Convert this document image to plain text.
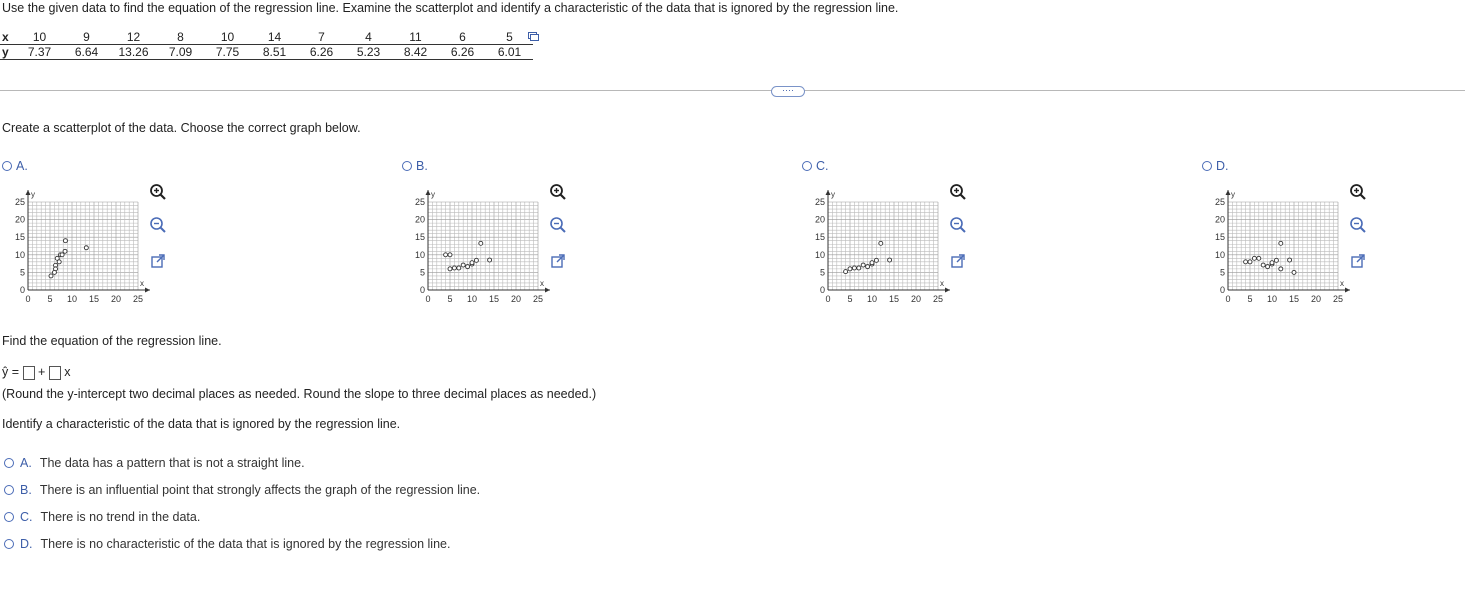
Use the given data to find the equation of the regression line. Examine the scatterplot and identify a characteristic of the data that is ignored by the regression line.
x	10	9	12	8	10	14	7	4	11	6	5
y	7.37	6.64	13.26	7.09	7.75	8.51	6.26	5.23	8.42	6.26	6.01
····
Create a scatterplot of the data. Choose the correct graph below.
A.
x
y
0 5 10 15 20 25
25
20
15
10
5
0
B.
x
y
0 5 10 15 20 25
25
20
15
10
5
0
C.
x
y
0 5 10 15 20 25
25
20
15
10
5
0
D.
x
y
0 5 10 15 20 25
25
20
15
10
5
0
Find the equation of the regression line.
ŷ = + x
(Round the y-intercept two decimal places as needed. Round the slope to three decimal places as needed.)
Identify a characteristic of the data that is ignored by the regression line.
A. The data has a pattern that is not a straight line.
B. There is an influential point that strongly affects the graph of the regression line.
C. There is no trend in the data.
D. There is no characteristic of the data that is ignored by the regression line.
